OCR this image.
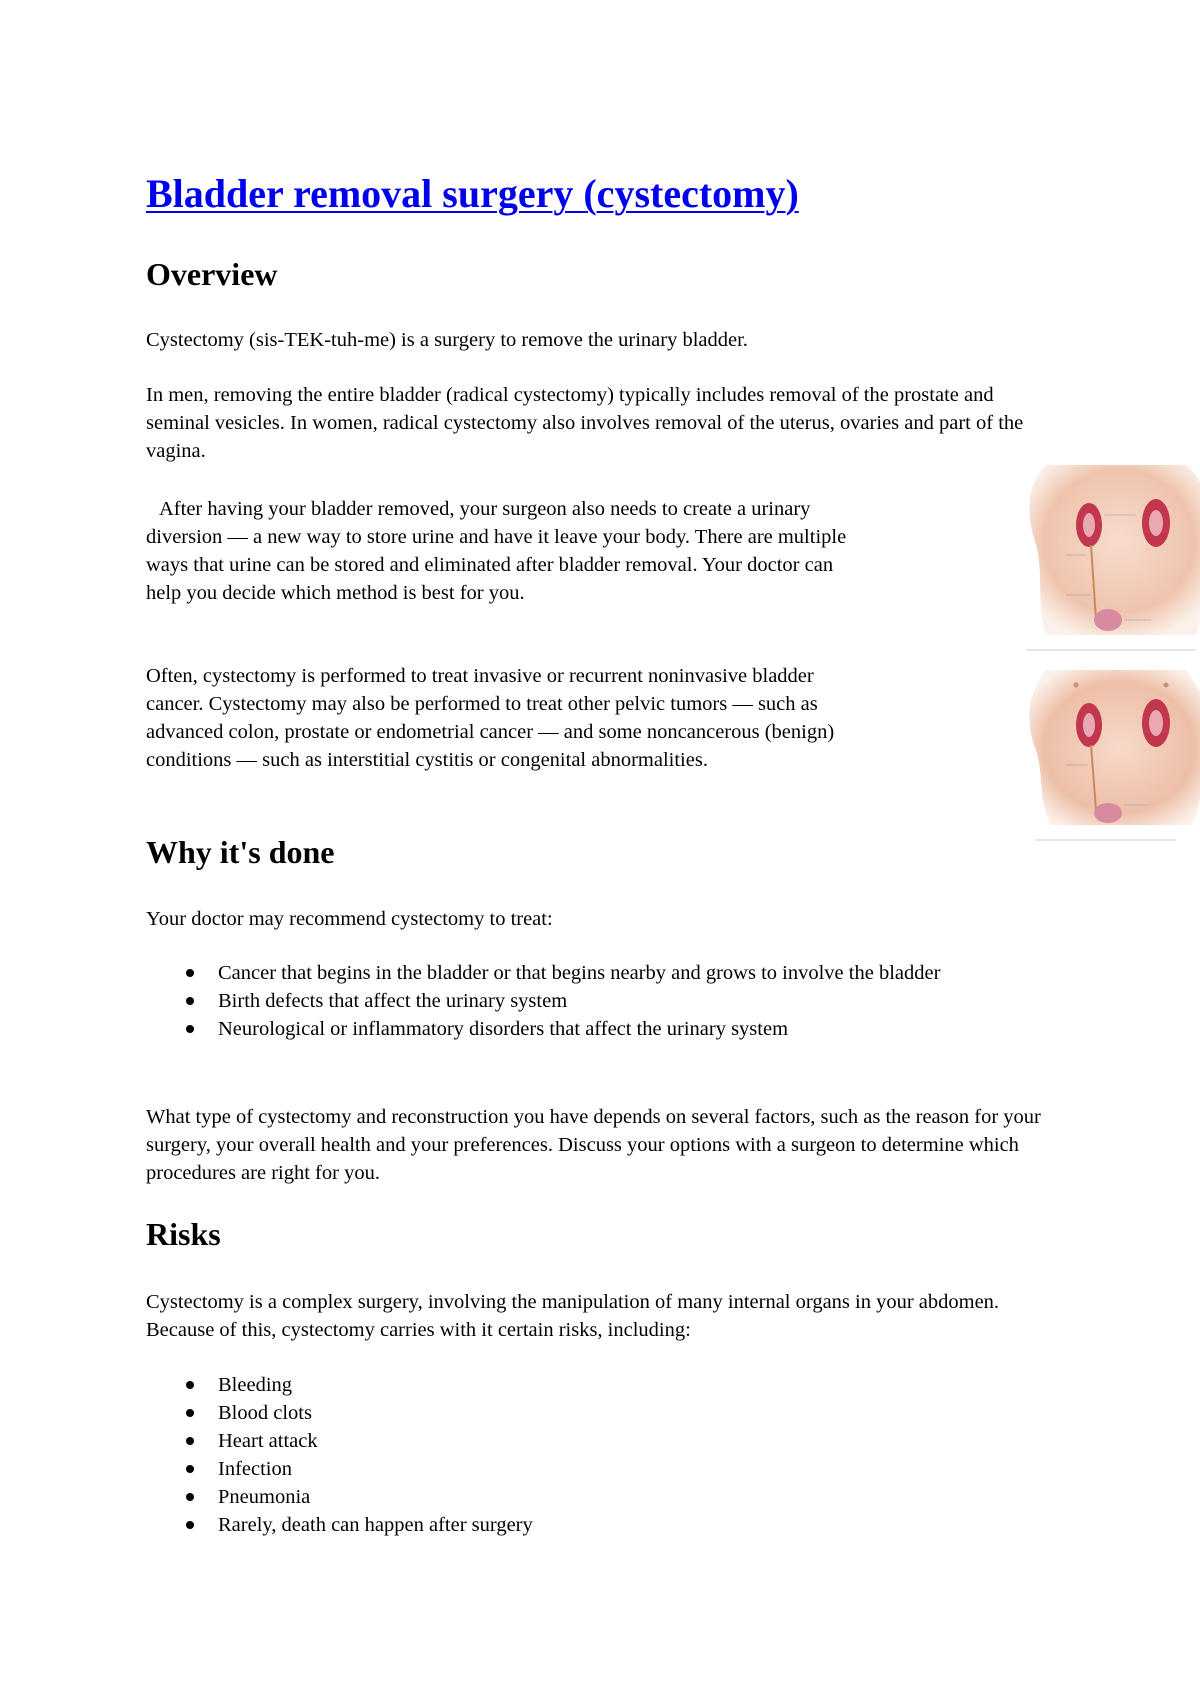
Bladder removal surgery (cystectomy)
Overview

Cystectomy (sis-TEK-tuh-me) is a surgery to remove the urinary bladder.

In men, removing the entire bladder (radical cystectomy) typically includes removal of the prostate and seminal vesicles. In women, radical cystectomy also involves removal of the uterus, ovaries and part of the vagina.

After having your bladder removed, your surgeon also needs to create a urinary diversion — a new way to store urine and have it leave your body. There are multiple ways that urine can be stored and eliminated after bladder removal. Your doctor can help you decide which method is best for you.

Often, cystectomy is performed to treat invasive or recurrent noninvasive bladder cancer. Cystectomy may also be performed to treat other pelvic tumors — such as advanced colon, prostate or endometrial cancer — and some noncancerous (benign) conditions — such as interstitial cystitis or congenital abnormalities.

Why it's done

Your doctor may recommend cystectomy to treat:

Cancer that begins in the bladder or that begins nearby and grows to involve the bladder
Birth defects that affect the urinary system
Neurological or inflammatory disorders that affect the urinary system

What type of cystectomy and reconstruction you have depends on several factors, such as the reason for your surgery, your overall health and your preferences. Discuss your options with a surgeon to determine which procedures are right for you.

Risks

Cystectomy is a complex surgery, involving the manipulation of many internal organs in your abdomen. Because of this, cystectomy carries with it certain risks, including:

Bleeding
Blood clots
Heart attack
Infection
Pneumonia
Rarely, death can happen after surgery
